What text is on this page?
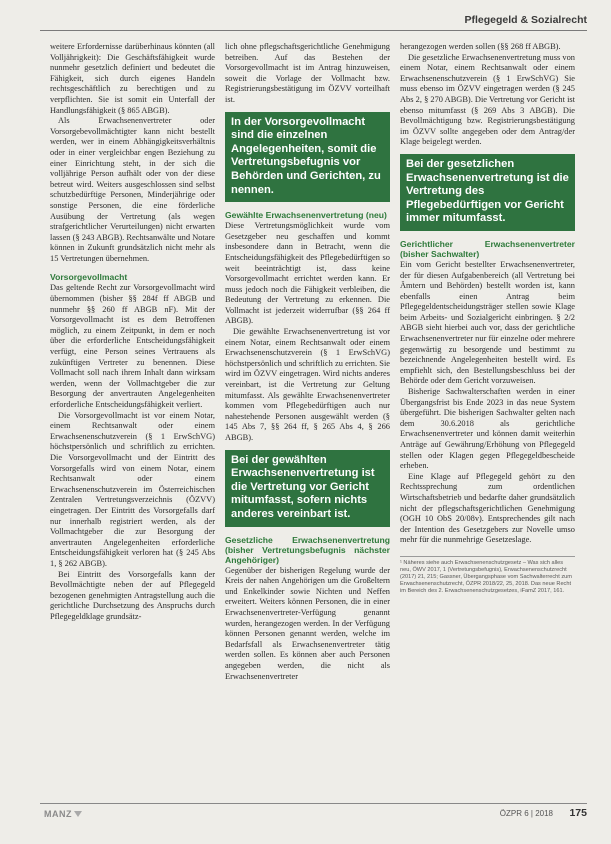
Pflegegeld & Sozialrecht

weitere Erfordernisse darüberhinaus könnten (all Volljährigkeit): Die Geschäftsfähigkeit wurde nunmehr gesetzlich definiert und bedeutet die Fähigkeit, sich durch eigenes Handeln rechtsgeschäftlich zu berechtigen und zu verpflichten. Sie ist somit ein Unterfall der Handlungsfähigkeit (§ 865 ABGB).

Als Erwachsenenvertreter oder Vorsorgebevollmächtigter kann nicht bestellt werden, wer in einem Abhängigkeitsverhältnis oder in einer vergleichbar engen Beziehung zu einer Einrichtung steht, in der sich die volljährige Person aufhält oder von der diese betreut wird. Weiters ausgeschlossen sind selbst schutzbedürftige Personen, Minderjährige oder sonstige Personen, die eine förderliche Ausübung der Vertretung (als wegen strafgerichtlicher Verurteilungen) nicht erwarten lassen (§ 243 ABGB). Rechtsanwälte und Notare können in Zukunft grundsätzlich nicht mehr als 15 Vertretungen übernehmen.

Vorsorgevollmacht

Das geltende Recht zur Vorsorgevollmacht wird übernommen (bisher §§ 284f ff ABGB und nunmehr §§ 260 ff ABGB nF). Mit der Vorsorgevollmacht ist es dem Betroffenen möglich, zu einem Zeitpunkt, in dem er noch über die erforderliche Entscheidungsfähigkeit verfügt, eine Person seines Vertrauens als zukünftigen Vertreter zu benennen. Diese Vollmacht soll nach ihrem Inhalt dann wirksam werden, wenn der Vollmachtgeber die zur Besorgung der anvertrauten Angelegenheiten erforderliche Entscheidungsfähigkeit verliert.

Die Vorsorgevollmacht ist vor einem Notar, einem Rechtsanwalt oder einem Erwachsenenschutzverein (§ 1 ErwSchVG) höchstpersönlich und schriftlich zu errichten. Die Vorsorgevollmacht und der Eintritt des Vorsorgefalls wird von einem Notar, einem Rechtsanwalt oder einem Erwachsenenschutzverein im Österreichischen Zentralen Vertretungsverzeichnis (ÖZVV) eingetragen. Der Eintritt des Vorsorgefalls darf nur innerhalb registriert werden, als der Vollmachtgeber die zur Besorgung der anvertrauten Angelegenheiten erforderliche Entscheidungsfähigkeit verloren hat (§ 245 Abs 1, § 262 ABGB).

Bei Eintritt des Vorsorgefalls kann der Bevollmächtigte neben der auf Pflegegeld bezogenen genehmigten Antragstellung auch die gerichtliche Durchsetzung des Anspruchs durch Pflegegeldklage grundsätz-

lich ohne pflegschaftsgerichtliche Genehmigung betreiben. Auf das Bestehen der Vorsorgevollmacht ist im Antrag hinzuweisen, soweit die Vorlage der Vollmacht bzw. Registrierungsbestätigung im ÖZVV vorteilhaft ist.

In der Vorsorgevollmacht sind die einzelnen Angelegenheiten, somit die Vertretungsbefugnis vor Behörden und Gerichten, zu nennen.
Gewählte Erwachsenenvertretung (neu)

Diese Vertretungsmöglichkeit wurde vom Gesetzgeber neu geschaffen und kommt insbesondere dann in Betracht, wenn die Entscheidungsfähigkeit des Pflegebedürftigen so weit beeinträchtigt ist, dass keine Vorsorgevollmacht errichtet werden kann. Er muss jedoch noch die Fähigkeit verbleiben, die Bedeutung der Vertretung zu erkennen. Die Vollmacht ist jederzeit widerrufbar (§§ 264 ff ABGB).

Die gewählte Erwachsenenvertretung ist vor einem Notar, einem Rechtsanwalt oder einem Erwachsenenschutzverein (§ 1 ErwSchVG) höchstpersönlich und schriftlich zu errichten. Sie wird im ÖZVV eingetragen. Wird nichts anderes vereinbart, ist die Vertretung zur Geltung mitumfasst. Als gewählte Erwachsenenvertreter kommen vom Pflegebedürftigen auch nur nahestehende Personen ausgewählt werden (§ 145 Abs 7, §§ 264 ff, § 265 Abs 4, § 266 ABGB).

Bei der gewählten Erwachsenenvertretung ist die Vertretung vor Gericht mitumfasst, sofern nichts anderes vereinbart ist.
Gesetzliche Erwachsenenvertretung (bisher Vertretungsbefugnis nächster Angehöriger)

Gegenüber der bisherigen Regelung wurde der Kreis der nahen Angehörigen um die Großeltern und Enkelkinder sowie Nichten und Neffen erweitert. Weiters können Personen, die in einer Erwachsenenvertreter-Verfügung genannt wurden, herangezogen werden. In der Verfügung können Personen genannt werden, welche im Bedarfsfall als Erwachsenenvertreter tätig werden sollen. Es können aber auch Personen angegeben werden, die nicht als Erwachsenenvertreter

herangezogen werden sollen (§§ 268 ff ABGB).

Die gesetzliche Erwachsenenvertretung muss von einem Notar, einem Rechtsanwalt oder einem Erwachsenenschutzverein (§ 1 ErwSchVG) Sie muss ebenso im ÖZVV eingetragen werden (§ 245 Abs 2, § 270 ABGB). Die Vertretung vor Gericht ist ebenso mitumfasst (§ 269 Abs 3 ABGB). Die Bevollmächtigung bzw. Registrierungsbestätigung im ÖZVV sollte angegeben oder dem Antrag/der Klage beigelegt werden.

Bei der gesetzlichen Erwachsenenvertretung ist die Vertretung des Pflegebedürftigen vor Gericht immer mitumfasst.
Gerichtlicher Erwachsenenvertreter (bisher Sachwalter)

Ein vom Gericht bestellter Erwachsenenvertreter, der für diesen Aufgabenbereich (all Vertretung bei Ämtern und Behörden) bestellt worden ist, kann ebenfalls einen Antrag beim Pflegegeldentscheidungsträger stellen sowie Klage beim Arbeits- und Sozialgericht einbringen. § 2/2 ABGB sieht hierbei auch vor, dass der gerichtliche Erwachsenenvertreter nur für einzelne oder mehrere gegenwärtig zu besorgende und bestimmt zu bezeichnende Angelegenheiten bestellt wird. Es empfiehlt sich, den Bestellungsbeschluss bei der Behörde oder dem Gericht vorzuweisen.

Bisherige Sachwalterschaften werden in einer Übergangsfrist bis Ende 2023 in das neue System übergeführt. Die bisherigen Sachwalter gelten nach dem 30.6.2018 als gerichtliche Erwachsenenvertreter und können damit weiterhin Anträge auf Gewährung/Erhöhung von Pflegegeld stellen oder Klagen gegen Pflegegeldbescheide erheben.

Eine Klage auf Pflegegeld gehört zu den Rechtssprechung zum ordentlichen Wirtschaftsbetrieb und bedarfte daher grundsätzlich nicht der pflegschaftsgerichtlichen Genehmigung (OGH 10 ObS 20/08v). Entsprechendes gilt nach der Intention des Gesetzgebers zur Novelle umso mehr für die nunmehrige Gesetzeslage.

¹ Näheres siehe auch Erwachsenenschutzgesetz – Was sich alles neu, ÖWV 2017, 1 (Vertretungsbefugnis), Erwachsenenschutzrecht (2017) 21, 215; Gassner, Übergangsphase vom Sachwalterrecht zum Erwachsenenschutzrecht, ÖZPR 2018/22, 25, 2018. Das neue Recht im Bereich des 2. Erwachsenenschutzgesetzes, iFamZ 2017, 161.
MANZ	ÖZPR 6 | 2018 175
